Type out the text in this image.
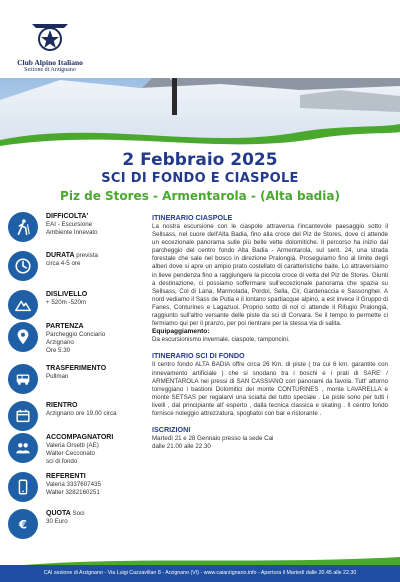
Club Alpino Italiano
Sezione di Arzignano
2 Febbraio 2025
SCI DI FONDO E CIASPOLE
Piz de Stores - Armentarola - (Alta badia)
DIFFICOLTA'
EAI - Escursione
Ambiente Innevato
DURATA prevista
circa 4-5 ore
DISLIVELLO
+ 520m -520m
PARTENZA
Parcheggio Conciario
Arzignano
Ore 5.30
TRASFERIMENTO
Pullman
RIENTRO
Arzignano ore 19.00 circa
ACCOMPAGNATORI
Valeria Orsetti (AE)
Walter Cecconato
sci di fondo
REFERENTI
Valeria 3337607435
Walter 3282160251
€
QUOTA Soci
30 Euro
ITINERARIO CIASPOLE

La nostra escursione con le ciaspole attraversa l'incantevole paesaggio sotto il Sellsass, nel cuore dell'Alta Badia, fino alla croce del Piz de Stores, dove ci attende un eccezionale panorama sulle più belle vette dolomitiche. Il percorso ha inizio dal parcheggio del centro fondo Alta Badia - Armentarola, sul sent. 24, una strada forestale che sale nel bosco in direzione Pralongià. Proseguiamo fino al limite degli alberi dove si apre un ampio prato costellato di caratteristiche baite. Lo attraversiamo in lieve pendenza fino a raggiungere la piccola croce di vetta del Piz de Stores. Giunti a destinazione, ci possiamo soffermare sull'eccezionale panorama che spazia su Sellsass, Col di Lana, Marmolada, Pordoi, Sella, Cir, Gardenaccia e Sassongher. A nord vediamo il Sass de Putia e il lontano spartiacque alpino, a est invece il Gruppo di Fanes, Conturines e Lagazuoi. Proprio sotto di noi ci attende il Rifugio Pralongià, raggiunto sull'altro versante delle piste da sci di Corvara. Se il tempo lo permette ci fermiamo qui per il pranzo, per poi rientrare per la stessa via di salita.

Equipaggiamento:

Da escursionismo invernale, ciaspole, ramponcini.

ITINERARIO SCI DI FONDO

Il centro fondo ALTA BADIA offre circa 26 Km. di piste ( tra cui 6 km. garantite con innevamento artificiale ) che si snodano tra i boschi e i prati di SARE' / ARMENTAROLA nei pressi di SAN CASSIANO con panorami da favola. Tutt' attorno torreggiano i bastioni Dolomitici del monte CONTURINES , monte LAVARELLA e monte SETSAS per regalarvi una scialta del tutto speciale . Le piste sono per tutti i livelli , dal principiante all' esperto , dalla tecnica classica e skating . Il centro fondo fornisce noleggio attrezzatura, spogliatoi con bar e ristorante .

ISCRIZIONI

Martedì 21 e 28 Gennaio presso la sede Cai

dalle 21.00 alle 22.30

CAI sezione di Arzignano - Via Luigi Cazzavillan 8 - Arzignano (VI) - www.caiarzignano.info - Apertura il Martedì dalle 20.45 alle 22.30
